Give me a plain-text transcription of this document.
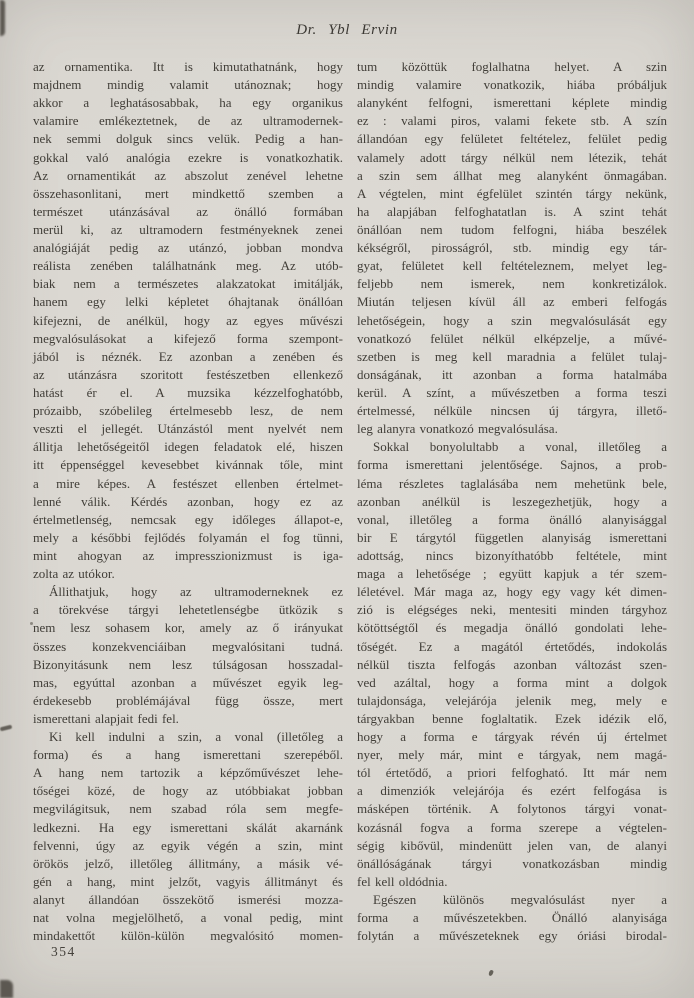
Dr. Ybl Ervin
az ornamentika. Itt is kimutathatnánk, hogy
majdnem mindig valamit utánoznak; hogy
akkor a leghatásosabbak, ha egy organikus
valamire emlékeztetnek, de az ultramodernek-
nek semmi dolguk sincs velük. Pedig a han-
gokkal való analógia ezekre is vonatkozhatik.
Az ornamentikát az abszolut zenével lehetne
összehasonlitani, mert mindkettő szemben a
természet utánzásával az önálló formában
merül ki, az ultramodern festményeknek zenei
analógiáját pedig az utánzó, jobban mondva
reálista zenében találhatnánk meg. Az utób-
biak nem a természetes alakzatokat imitálják,
hanem egy lelki képletet óhajtanak önállóan
kifejezni, de anélkül, hogy az egyes művészi
megvalósulásokat a kifejező forma szempont-
jából is néznék. Ez azonban a zenében és
az utánzásra szoritott festészetben ellenkező
hatást ér el. A muzsika kézzelfoghatóbb,
prózaibb, szóbelileg értelmesebb lesz, de nem
veszti el jellegét. Utánzástól ment nyelvét nem
állitja lehetőségeitől idegen feladatok elé, hiszen
itt éppenséggel kevesebbet kivánnak tőle, mint
a mire képes. A festészet ellenben értelmet-
lenné válik. Kérdés azonban, hogy ez az
értelmetlenség, nemcsak egy időleges állapot-e,
mely a későbbi fejlődés folyamán el fog tünni,
mint ahogyan az impresszionizmust is iga-
zolta az utókor.
Állithatjuk, hogy az ultramoderneknek ez
a törekvése tárgyi lehetetlenségbe ütközik s
nem lesz sohasem kor, amely az ő irányukat
összes konzekvenciáiban megvalósitani tudná.
Bizonyitásunk nem lesz túlságosan hosszadal-
mas, egyúttal azonban a művészet egyik leg-
érdekesebb problémájával függ össze, mert
ismerettani alapjait fedi fel.
Ki kell indulni a szin, a vonal (illetőleg a
forma) és a hang ismerettani szerepéből.
A hang nem tartozik a képzőművészet lehe-
tőségei közé, de hogy az utóbbiakat jobban
megvilágitsuk, nem szabad róla sem megfe-
ledkezni. Ha egy ismerettani skálát akarnánk
felvenni, úgy az egyik végén a szin, mint
örökös jelző, illetőleg állitmány, a másik vé-
gén a hang, mint jelzőt, vagyis állitmányt és
alanyt állandóan összekötő ismerési mozza-
nat volna megjelölhető, a vonal pedig, mint
mindakettőt külön-külön megvalósitó momen-
tum közöttük foglalhatna helyet. A szin
mindig valamire vonatkozik, hiába próbáljuk
alanyként felfogni, ismerettani képlete mindig
ez : valami piros, valami fekete stb. A szín
állandóan egy felületet feltételez, felület pedig
valamely adott tárgy nélkül nem létezik, tehát
a szin sem állhat meg alanyként önmagában.
A végtelen, mint égfelület szintén tárgy nekünk,
ha alapjában felfoghatatlan is. A szint tehát
önállóan nem tudom felfogni, hiába beszélek
kékségről, pirosságról, stb. mindig egy tár-
gyat, felületet kell feltételeznem, melyet leg-
feljebb nem ismerek, nem konkretizálok.
Miután teljesen kívül áll az emberi felfogás
lehetőségein, hogy a szin megvalósulását egy
vonatkozó felület nélkül elképzelje, a művé-
szetben is meg kell maradnia a felület tulaj-
donságának, itt azonban a forma hatalmába
kerül. A színt, a művészetben a forma teszi
értelmessé, nélküle nincsen új tárgyra, illető-
leg alanyra vonatkozó megvalósulása.
Sokkal bonyolultabb a vonal, illetőleg a
forma ismerettani jelentősége. Sajnos, a prob-
léma részletes taglalásába nem mehetünk bele,
azonban anélkül is leszegezhetjük, hogy a
vonal, illetőleg a forma önálló alanyisággal
bir E tárgytól független alanyiság ismerettani
adottság, nincs bizonyíthatóbb feltétele, mint
maga a lehetősége ; együtt kapjuk a tér szem-
léletével. Már maga az, hogy egy vagy két dimen-
zió is elégséges neki, mentesiti minden tárgyhoz
kötöttségtől és megadja önálló gondolati lehe-
tőségét. Ez a magától értetődés, indokolás
nélkül tiszta felfogás azonban változást szen-
ved azáltal, hogy a forma mint a dolgok
tulajdonsága, velejárója jelenik meg, mely e
tárgyakban benne foglaltatik. Ezek idézik elő,
hogy a forma e tárgyak révén új értelmet
nyer, mely már, mint e tárgyak, nem magá-
tól értetődő, a priori felfogható. Itt már nem
a dimenziók velejárója és ezért felfogása is
másképen történik. A folytonos tárgyi vonat-
kozásnál fogva a forma szerepe a végtelen-
ségig kibővül, mindenütt jelen van, de alanyi
önállóságának tárgyi vonatkozásban mindig
fel kell oldódnia.
Egészen különös megvalósulást nyer a
forma a művészetekben. Önálló alanyisága
folytán a művészeteknek egy óriási birodal-
354
